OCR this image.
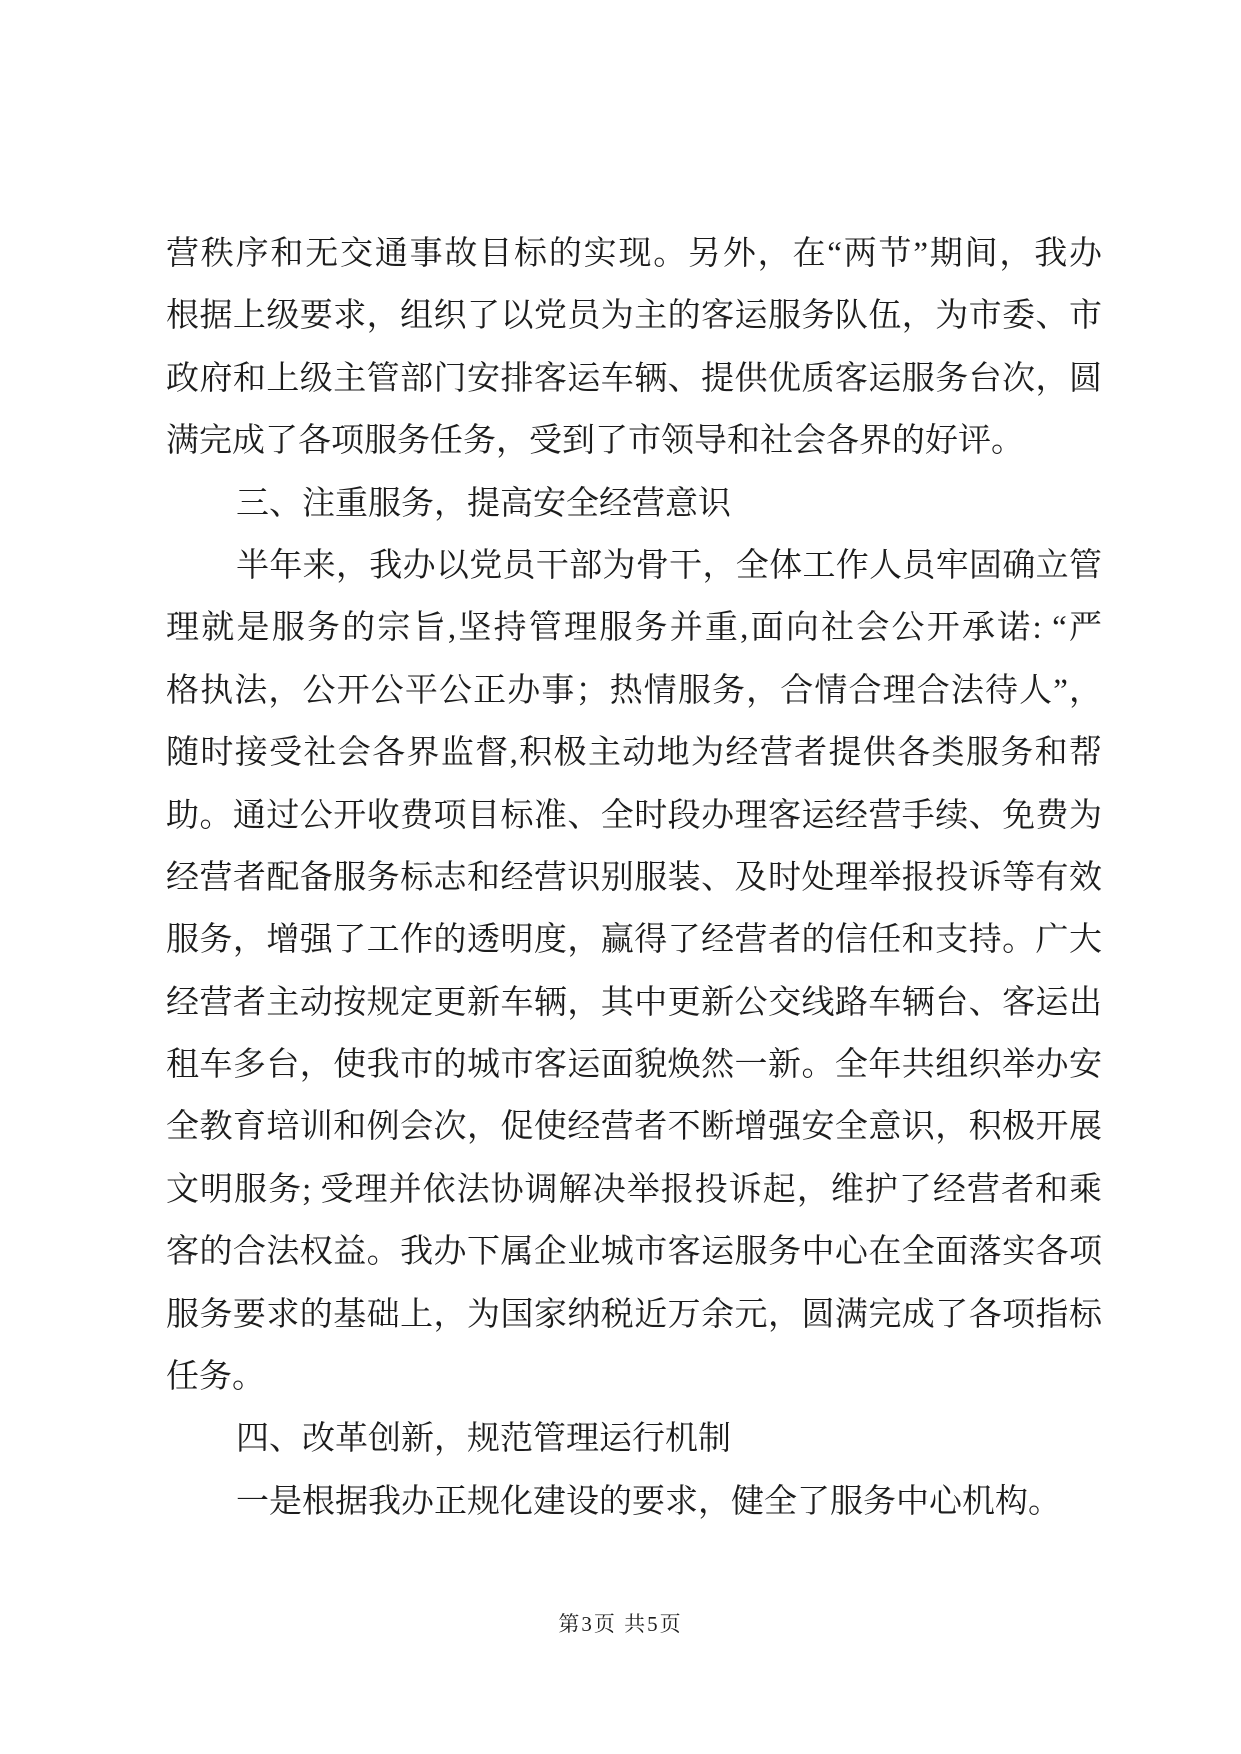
营秩序和无交通事故目标的实现。另外，在“两节”期间，我办
根据上级要求，组织了以党员为主的客运服务队伍，为市委、市
政府和上级主管部门安排客运车辆、提供优质客运服务台次，圆
满完成了各项服务任务，受到了市领导和社会各界的好评。
三、注重服务，提高安全经营意识
半年来，我办以党员干部为骨干，全体工作人员牢固确立管
理就是服务的宗旨,坚持管理服务并重,面向社会公开承诺: “严
格执法，公开公平公正办事；热情服务，合情合理合法待人”，
随时接受社会各界监督,积极主动地为经营者提供各类服务和帮
助。通过公开收费项目标准、全时段办理客运经营手续、免费为
经营者配备服务标志和经营识别服装、及时处理举报投诉等有效
服务，增强了工作的透明度，赢得了经营者的信任和支持。广大
经营者主动按规定更新车辆，其中更新公交线路车辆台、客运出
租车多台，使我市的城市客运面貌焕然一新。全年共组织举办安
全教育培训和例会次，促使经营者不断增强安全意识，积极开展
文明服务; 受理并依法协调解决举报投诉起，维护了经营者和乘
客的合法权益。我办下属企业城市客运服务中心在全面落实各项
服务要求的基础上，为国家纳税近万余元，圆满完成了各项指标
任务。
四、改革创新，规范管理运行机制
一是根据我办正规化建设的要求，健全了服务中心机构。
第3页 共5页
